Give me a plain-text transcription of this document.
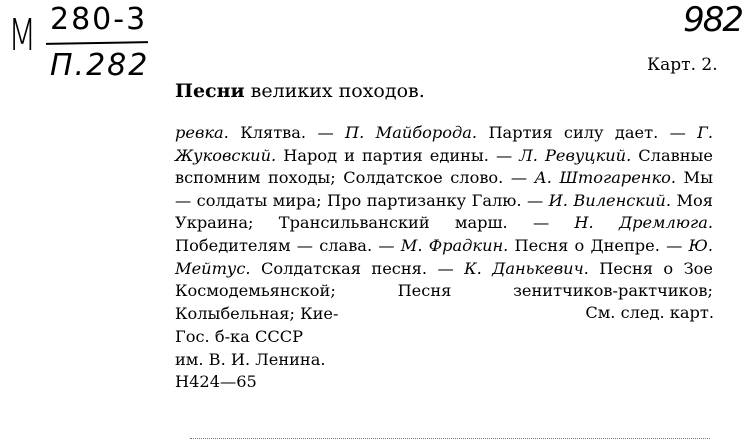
М 280-3
П.282
982
Карт. 2.
Песни великих походов.

ревка. Клятва. — П. Майборода. Партия силу дает. — Г. Жуковский. Народ и партия едины. — Л. Ревуцкий. Славные вспомним походы; Солдатское слово. — А. Штогаренко. Мы — солдаты мира; Про партизанку Галю. — И. Виленский. Моя Украина; Трансильванский марш. — Н. Дремлюга. Победителям — слава. — М. Фрадкин. Песня о Днепре. — Ю. Мейтус. Солдатская песня. — К. Данькевич. Песня о Зое Космодемьянской; Песня зенитчиков-рактчиков; Колыбельная; Кие-	См. след. карт.
Гос. б-ка СССР
им. В. И. Ленина.
Н424—65
